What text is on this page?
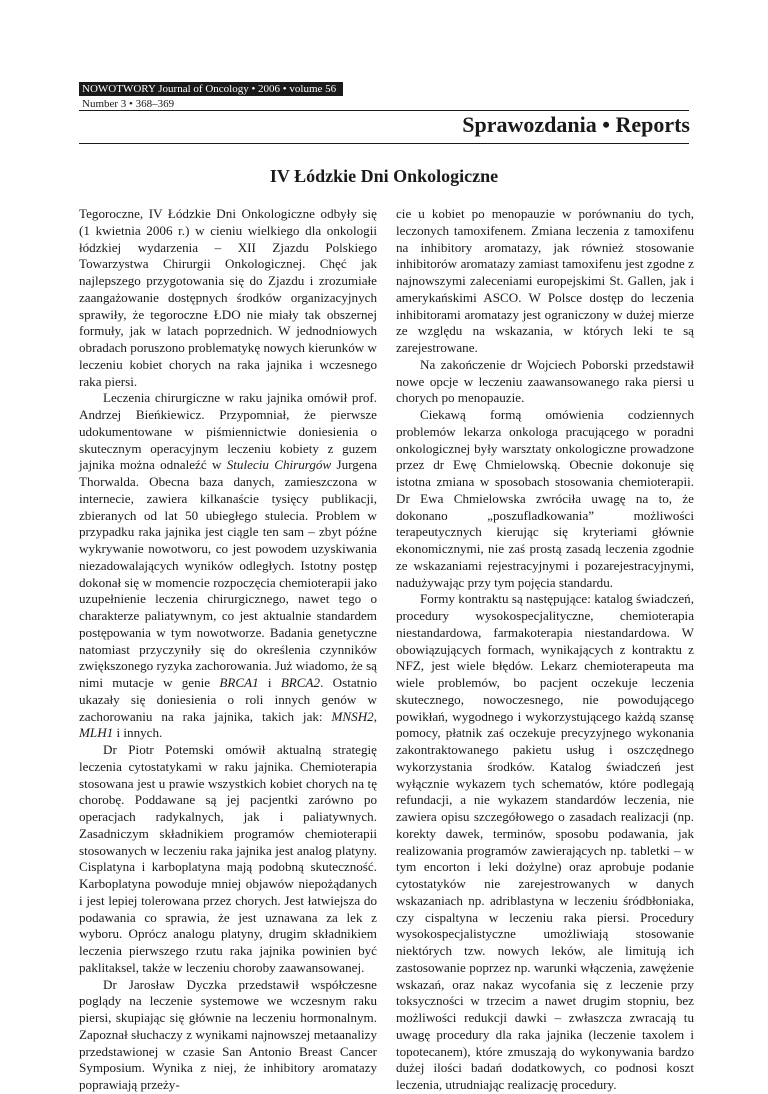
NOWOTWORY Journal of Oncology • 2006 • volume 56
Number 3 • 368–369
Sprawozdania • Reports
IV Łódzkie Dni Onkologiczne

Tegoroczne, IV Łódzkie Dni Onkologiczne odbyły się (1 kwietnia 2006 r.) w cieniu wielkiego dla onkologii łódzkiej wydarzenia – XII Zjazdu Polskiego Towarzystwa Chirurgii Onkologicznej. Chęć jak najlepszego przygotowania się do Zjazdu i zrozumiałe zaangażowanie dostępnych środków organizacyjnych sprawiły, że tegoroczne ŁDO nie miały tak obszernej formuły, jak w latach poprzednich. W jednodniowych obradach poruszono problematykę nowych kierunków w leczeniu kobiet chorych na raka jajnika i wczesnego raka piersi.

Leczenia chirurgiczne w raku jajnika omówił prof. Andrzej Bieńkiewicz. Przypomniał, że pierwsze udokumentowane w piśmiennictwie doniesienia o skutecznym operacyjnym leczeniu kobiety z guzem jajnika można odnaleźć w Stuleciu Chirurgów Jurgena Thorwalda. Obecna baza danych, zamieszczona w internecie, zawiera kilkanaście tysięcy publikacji, zbieranych od lat 50 ubiegłego stulecia. Problem w przypadku raka jajnika jest ciągle ten sam – zbyt późne wykrywanie nowotworu, co jest powodem uzyskiwania niezadowalających wyników odległych. Istotny postęp dokonał się w momencie rozpoczęcia chemioterapii jako uzupełnienie leczenia chirurgicznego, nawet tego o charakterze paliatywnym, co jest aktualnie standardem postępowania w tym nowotworze. Badania genetyczne natomiast przyczyniły się do określenia czynników zwiększonego ryzyka zachorowania. Już wiadomo, że są nimi mutacje w genie BRCA1 i BRCA2. Ostatnio ukazały się doniesienia o roli innych genów w zachorowaniu na raka jajnika, takich jak: MNSH2, MLH1 i innych.

Dr Piotr Potemski omówił aktualną strategię leczenia cytostatykami w raku jajnika. Chemioterapia stosowana jest u prawie wszystkich kobiet chorych na tę chorobę. Poddawane są jej pacjentki zarówno po operacjach radykalnych, jak i paliatywnych. Zasadniczym składnikiem programów chemioterapii stosowanych w leczeniu raka jajnika jest analog platyny. Cisplatyna i karboplatyna mają podobną skuteczność. Karboplatyna powoduje mniej objawów niepożądanych i jest lepiej tolerowana przez chorych. Jest łatwiejsza do podawania co sprawia, że jest uznawana za lek z wyboru. Oprócz analogu platyny, drugim składnikiem leczenia pierwszego rzutu raka jajnika powinien być paklitaksel, także w leczeniu choroby zaawansowanej.

Dr Jarosław Dyczka przedstawił współczesne poglądy na leczenie systemowe we wczesnym raku piersi, skupiając się głównie na leczeniu hormonalnym. Zapoznał słuchaczy z wynikami najnowszej metaanalizy przedstawionej w czasie San Antonio Breast Cancer Symposium. Wynika z niej, że inhibitory aromatazy poprawiają przeży-

cie u kobiet po menopauzie w porównaniu do tych, leczonych tamoxifenem. Zmiana leczenia z tamoxifenu na inhibitory aromatazy, jak również stosowanie inhibitorów aromatazy zamiast tamoxifenu jest zgodne z najnowszymi zaleceniami europejskimi St. Gallen, jak i amerykańskimi ASCO. W Polsce dostęp do leczenia inhibitorami aromatazy jest ograniczony w dużej mierze ze względu na wskazania, w których leki te są zarejestrowane.

Na zakończenie dr Wojciech Poborski przedstawił nowe opcje w leczeniu zaawansowanego raka piersi u chorych po menopauzie.

Ciekawą formą omówienia codziennych problemów lekarza onkologa pracującego w poradni onkologicznej były warsztaty onkologiczne prowadzone przez dr Ewę Chmielowską. Obecnie dokonuje się istotna zmiana w sposobach stosowania chemioterapii. Dr Ewa Chmielowska zwróciła uwagę na to, że dokonano „poszufladkowania” możliwości terapeutycznych kierując się kryteriami głównie ekonomicznymi, nie zaś prostą zasadą leczenia zgodnie ze wskazaniami rejestracyjnymi i pozarejestracyjnymi, nadużywając przy tym pojęcia standardu.

Formy kontraktu są następujące: katalog świadczeń, procedury wysokospecjalityczne, chemioterapia niestandardowa, farmakoterapia niestandardowa. W obowiązujących formach, wynikających z kontraktu z NFZ, jest wiele błędów. Lekarz chemioterapeuta ma wiele problemów, bo pacjent oczekuje leczenia skutecznego, nowoczesnego, nie powodującego powikłań, wygodnego i wykorzystującego każdą szansę pomocy, płatnik zaś oczekuje precyzyjnego wykonania zakontraktowanego pakietu usług i oszczędnego wykorzystania środków. Katalog świadczeń jest wyłącznie wykazem tych schematów, które podlegają refundacji, a nie wykazem standardów leczenia, nie zawiera opisu szczegółowego o zasadach realizacji (np. korekty dawek, terminów, sposobu podawania, jak realizowania programów zawierających np. tabletki – w tym encorton i leki dożylne) oraz aprobuje podanie cytostatyków nie zarejestrowanych w danych wskazaniach np. adriblastyna w leczeniu śródbłoniaka, czy cispaltyna w leczeniu raka piersi. Procedury wysokospecjalistyczne umożliwiają stosowanie niektórych tzw. nowych leków, ale limitują ich zastosowanie poprzez np. warunki włączenia, zawężenie wskazań, oraz nakaz wycofania się z leczenie przy toksyczności w trzecim a nawet drugim stopniu, bez możliwości redukcji dawki – zwłaszcza zwracają tu uwagę procedury dla raka jajnika (leczenie taxolem i topotecanem), które zmuszają do wykonywania bardzo dużej ilości badań dodatkowych, co podnosi koszt leczenia, utrudniając realizację procedury.
